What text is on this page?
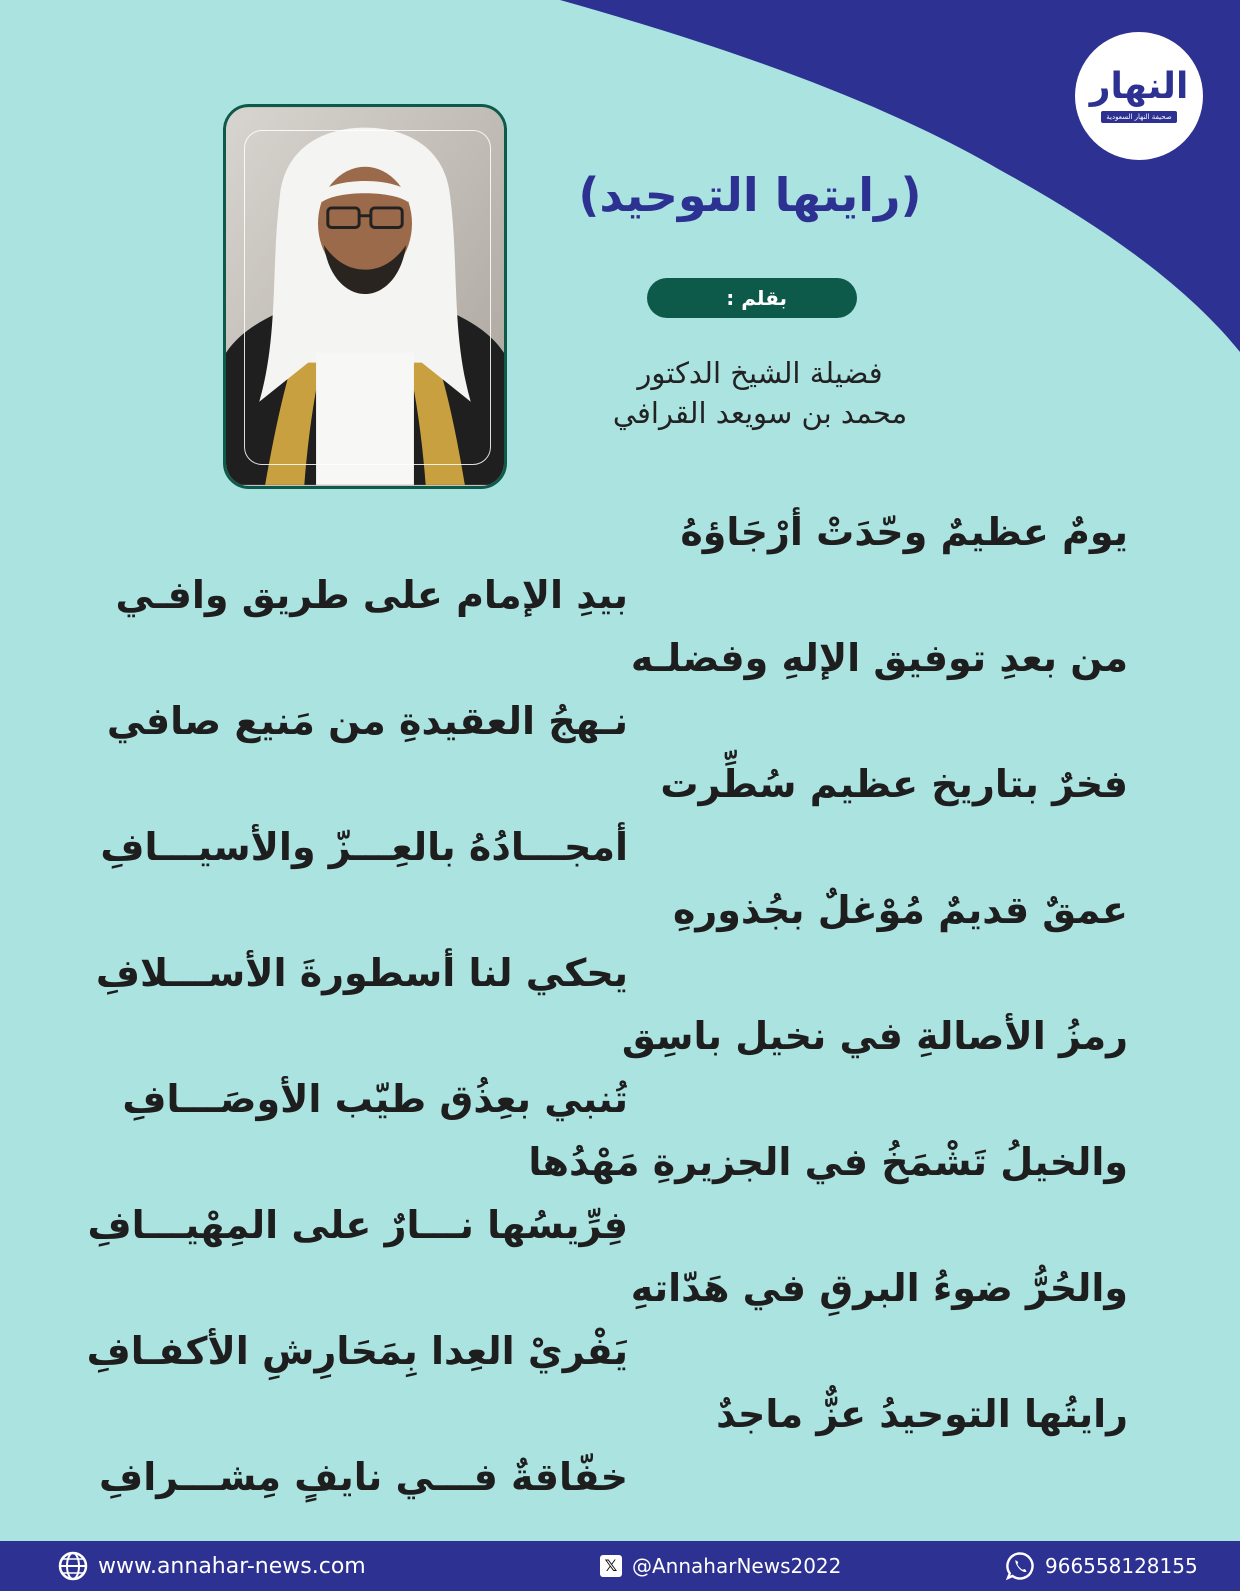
النهار
صحيفة النهار السعودية
(رايتها التوحيد)
بقلم :
فضيلة الشيخ الدكتور
محمد بن سويعد القرافي
يومٌ عظيمٌ وحّدَتْ أرْجَاؤهُ
بيدِ الإمام على طريق وافـي
من بعدِ توفيق الإلهِ وفضلـه
نـهجُ العقيدةِ من مَنيع صافي
فخرٌ بتاريخ عظيم سُطِّرت
أمجـــادُهُ بالعِـــزّ والأسيـــافِ
عمقٌ قديمٌ مُوْغلٌ بجُذورهِ
يحكي لنا أسطورةَ الأســـلافِ
رمزُ الأصالةِ في نخيل باسِق
تُنبي بعِذُق طيّب الأوصَـــافِ
والخيلُ تَشْمَخُ في الجزيرةِ مَهْدُها
فِرِّيسُها نـــارٌ على المِهْيـــافِ
والحُرُّ ضوءُ البرقِ في هَدّاتهِ
يَفْريْ العِدا بِمَحَارِشِ الأكفـافِ
رايتُها التوحيدُ عزٌّ ماجدٌ
خفّاقةٌ فـــي نايفٍ مِشـــرافِ
www.annahar-news.com	𝕏 @AnnaharNews2022	966558128155
